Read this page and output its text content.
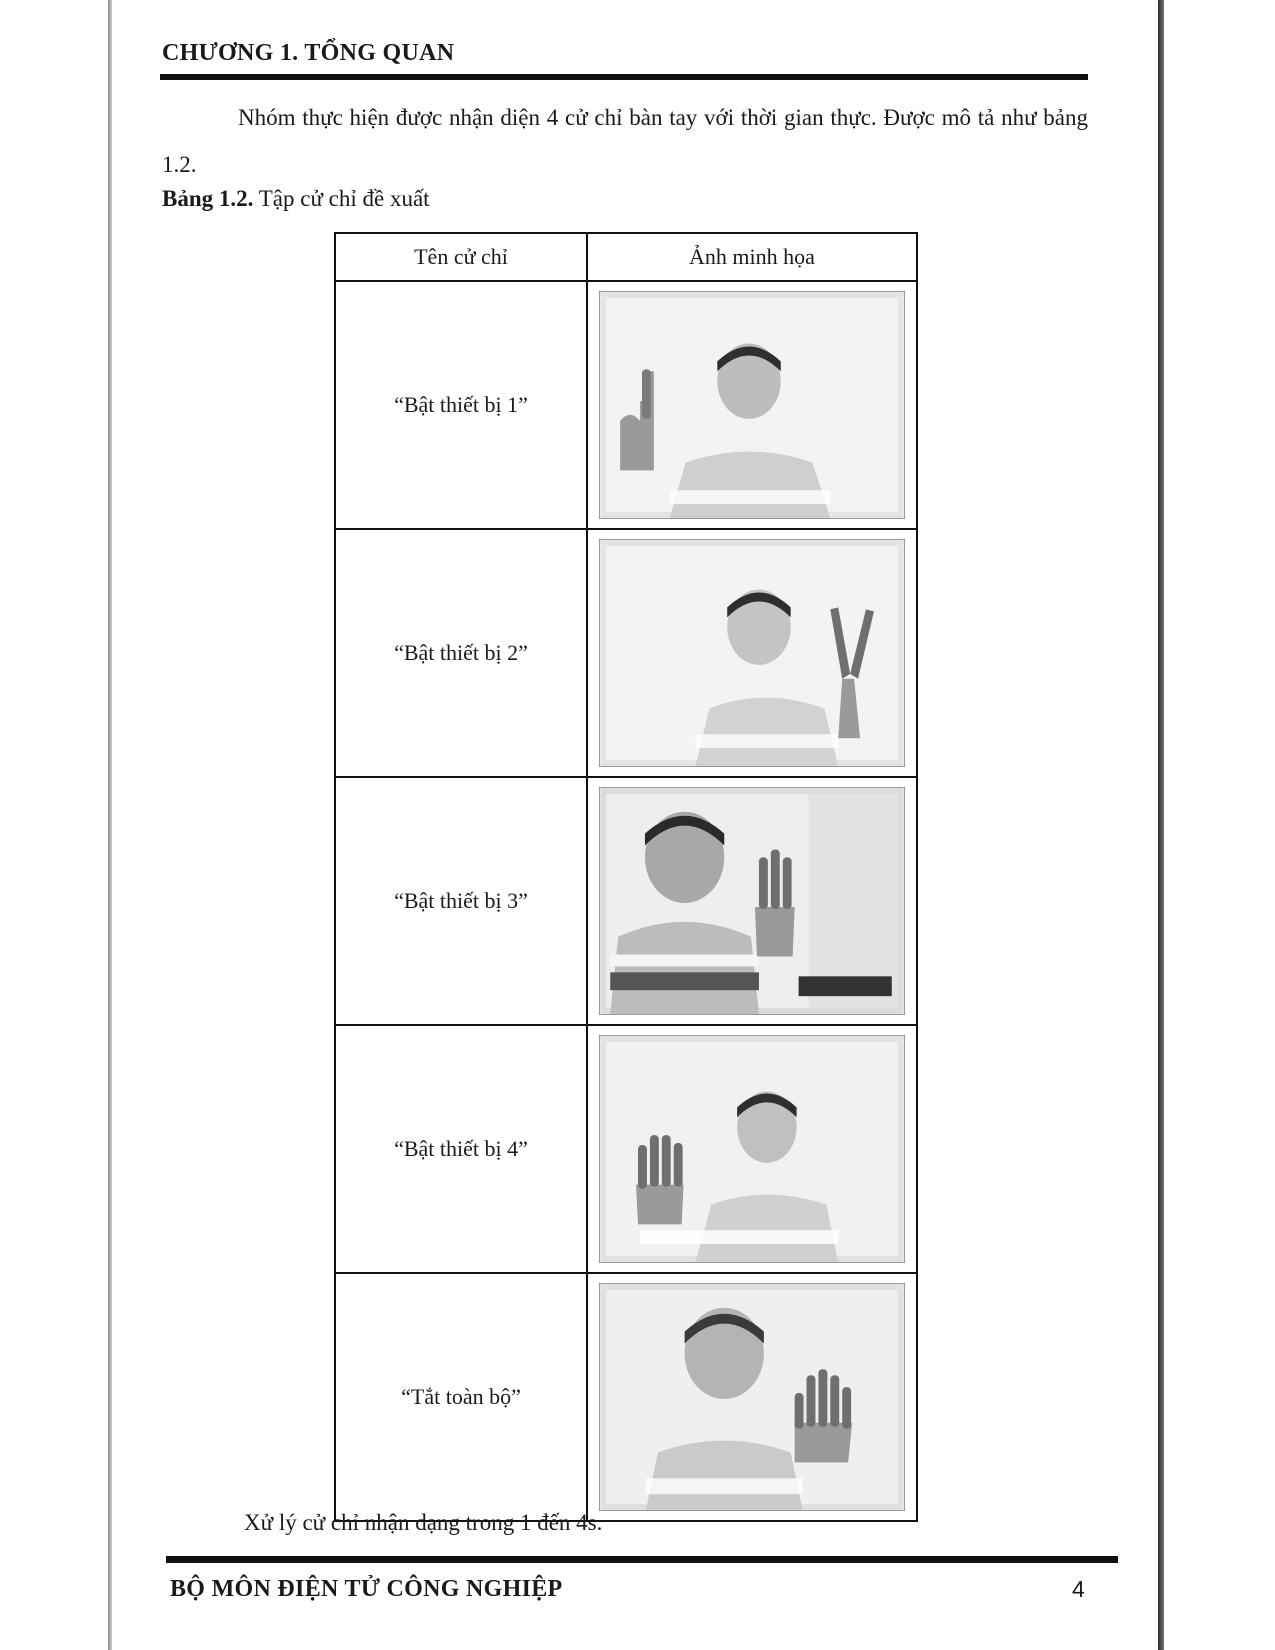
CHƯƠNG 1. TỔNG QUAN
Nhóm thực hiện được nhận diện 4 cử chỉ bàn tay với thời gian thực. Được mô tả như bảng 1.2.
Bảng 1.2. Tập cử chỉ đề xuất
Tên cử chỉ	Ảnh minh họa
“Bật thiết bị 1”	

“Bật thiết bị 2”	

“Bật thiết bị 3”	

“Bật thiết bị 4”	

“Tắt toàn bộ”	
Xử lý cử chỉ nhận dạng trong 1 đến 4s.
BỘ MÔN ĐIỆN TỬ CÔNG NGHIỆP	4
